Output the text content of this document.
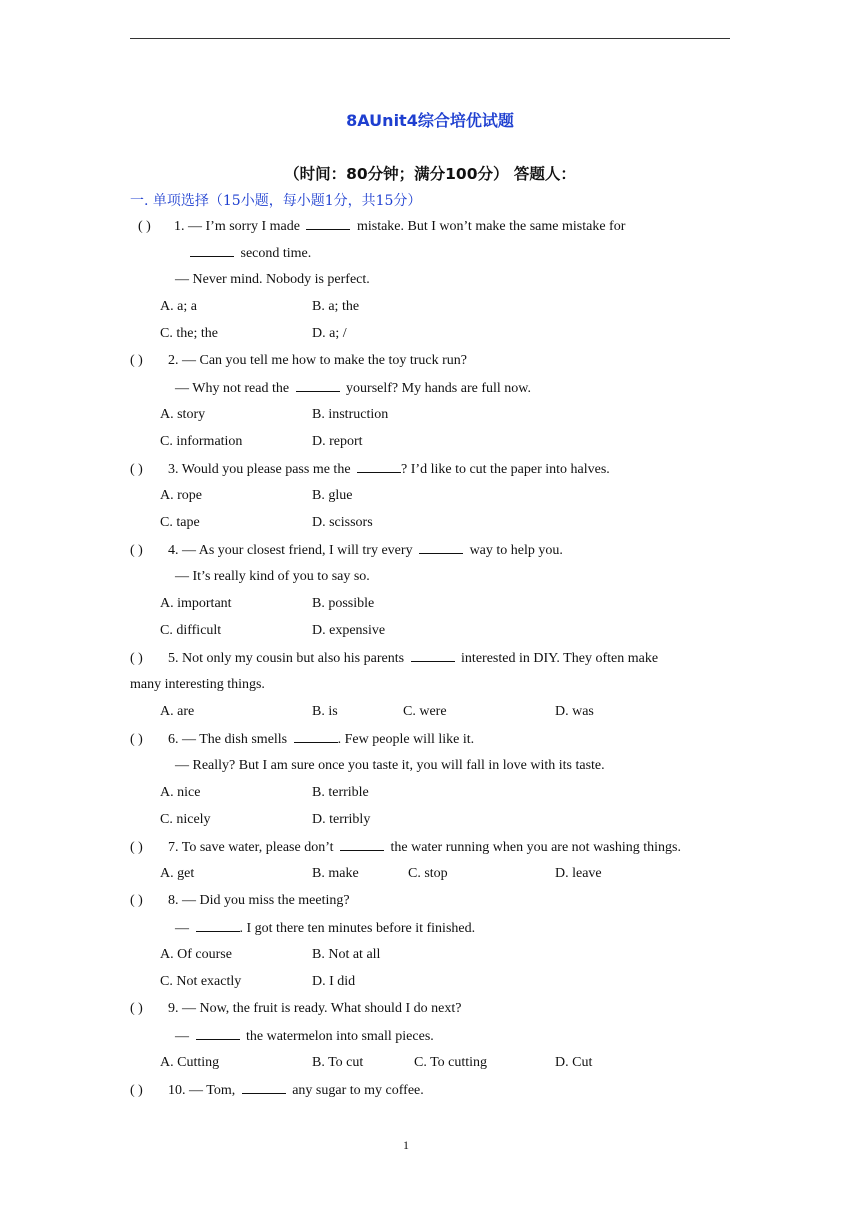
8AUnit4综合培优试题
（时间：80分钟；满分100分） 答题人：
一. 单项选择（15小题，每小题1分，共15分）
( ) 1. — I’m sorry I made	mistake. But I won’t make the same mistake for
second time.
— Never mind. Nobody is perfect.
A. a; a	B. a; the
C. the; the	D. a; /
( ) 2. — Can you tell me how to make the toy truck run?
— Why not read the	yourself? My hands are full now.
A. story	B. instruction
C. information	D. report
( ) 3. Would you please pass me the	? I’d like to cut the paper into halves.
A. rope	B. glue
C. tape	D. scissors
( ) 4. — As your closest friend, I will try every	way to help you.
— It’s really kind of you to say so.
A. important	B. possible
C. difficult	D. expensive
( ) 5. Not only my cousin but also his parents	interested in DIY. They often make
many interesting things.
A. are	B. is	C. were	D. was
( ) 6. — The dish smells	. Few people will like it.
— Really? But I am sure once you taste it, you will fall in love with its taste.
A. nice	B. terrible
C. nicely	D. terribly
( ) 7. To save water, please don’t	the water running when you are not washing things.
A. get	B. make	C. stop	D. leave
( ) 8. — Did you miss the meeting?
—	. I got there ten minutes before it finished.
A. Of course	B. Not at all
C. Not exactly	D. I did
( ) 9. — Now, the fruit is ready. What should I do next?
—	the watermelon into small pieces.
A. Cutting	B. To cut	C. To cutting	D. Cut
( ) 10. — Tom,	any sugar to my coffee.
1
